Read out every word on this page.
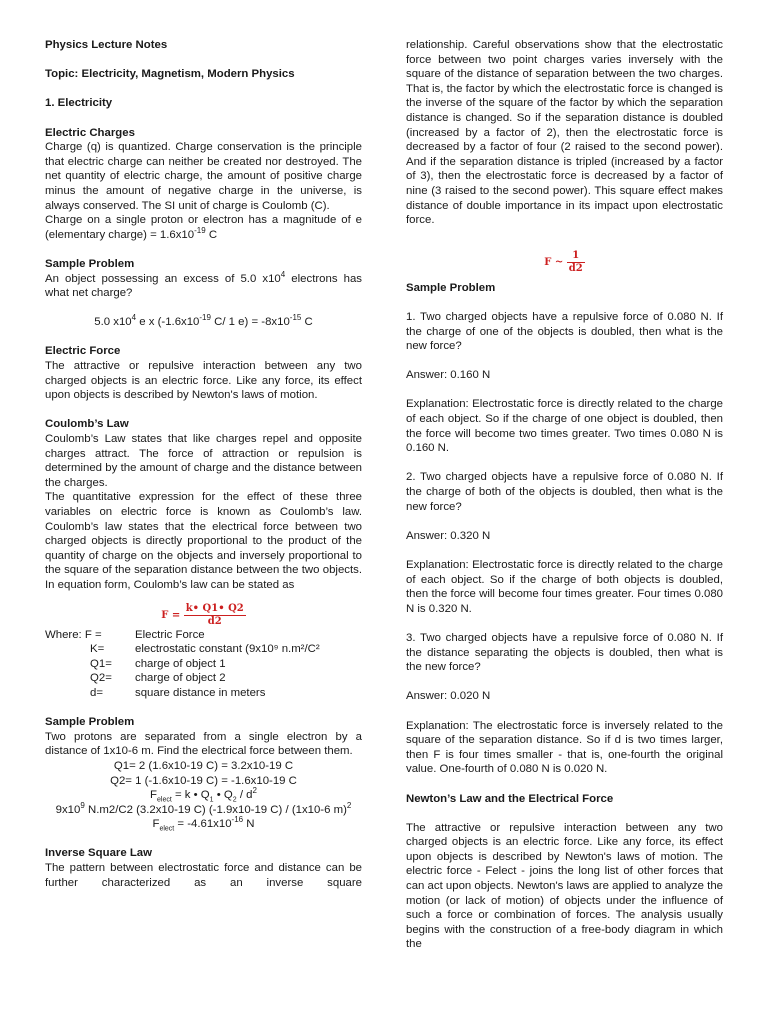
Physics Lecture Notes

Topic: Electricity, Magnetism, Modern Physics

1. Electricity

Electric Charges

Charge (q) is quantized. Charge conservation is the principle that electric charge can neither be created nor destroyed. The net quantity of electric charge, the amount of positive charge minus the amount of negative charge in the universe, is always conserved. The SI unit of charge is Coulomb (C).

Charge on a single proton or electron has a magnitude of e (elementary charge) = $1.6x10^{-19}$ C

Sample Problem

An object possessing an excess of 5.0 $x10^4$ electrons has what net charge?

5.0 $x10^4$ e x ($-1.6x10^{-19}$ C/ 1 $e) = -8x10^{-15}$ C

Electric Force

The attractive or repulsive interaction between any two charged objects is an electric force. Like any force, its effect upon objects is described by Newton's laws of motion.

Coulomb’s Law

Coulomb’s Law states that like charges repel and opposite charges attract. The force of attraction or repulsion is determined by the amount of charge and the distance between the charges.

The quantitative expression for the effect of these three variables on electric force is known as Coulomb’s law. Coulomb’s law states that the electrical force between two charged objects is directly proportional to the product of the quantity of charge on the objects and inversely proportional to the square of the separation distance between the two objects. In equation form, Coulomb’s law can be stated as

$F = \frac{k• Q1• Q2}{d2}$
Where: F =	Electric Force
K=	electrostatic constant (9x10⁹ n.m²/C²
Q1=	charge of object 1
Q2=	charge of object 2
d=	square distance in meters

Sample Problem

Two protons are separated from a single electron by a distance of 1x10-6 m. Find the electrical force between them.

Q1= 2 (1.6x10-19 C) = 3.2x10-19 C

Q2= 1 (-1.6x10-19 C) = -1.6x10-19 C

$F_{elect} = k$ • $Q_1$ • $Q_2 / d^2$

$9x10^9$ N.m2/C2 (3.2x10-19 C) (-1.9x10-19 C) / (1x10-6 m)$^2$

$F_{elect} = -4.61x10^{-16}$ N

Inverse Square Law

The pattern between electrostatic force and distance can be further characterized as an inverse square

relationship. Careful observations show that the electrostatic force between two point charges varies inversely with the square of the distance of separation between the two charges. That is, the factor by which the electrostatic force is changed is the inverse of the square of the factor by which the separation distance is changed. So if the separation distance is doubled (increased by a factor of 2), then the electrostatic force is decreased by a factor of four (2 raised to the second power). And if the separation distance is tripled (increased by a factor of 3), then the electrostatic force is decreased by a factor of nine (3 raised to the second power). This square effect makes distance of double importance in its impact upon electrostatic force.

F ~ $\frac{1}{d2}$

Sample Problem

1. Two charged objects have a repulsive force of 0.080 N. If the charge of one of the objects is doubled, then what is the new force?

Answer: 0.160 N

Explanation: Electrostatic force is directly related to the charge of each object. So if the charge of one object is doubled, then the force will become two times greater. Two times 0.080 N is 0.160 N.

2. Two charged objects have a repulsive force of 0.080 N. If the charge of both of the objects is doubled, then what is the new force?

Answer: 0.320 N

Explanation: Electrostatic force is directly related to the charge of each object. So if the charge of both objects is doubled, then the force will become four times greater. Four times 0.080 N is 0.320 N.

3. Two charged objects have a repulsive force of 0.080 N. If the distance separating the objects is doubled, then what is the new force?

Answer: 0.020 N

Explanation: The electrostatic force is inversely related to the square of the separation distance. So if d is two times larger, then F is four times smaller - that is, one-fourth the original value. One-fourth of 0.080 N is 0.020 N.

Newton’s Law and the Electrical Force

The attractive or repulsive interaction between any two charged objects is an electric force. Like any force, its effect upon objects is described by Newton's laws of motion. The electric force - Felect - joins the long list of other forces that can act upon objects. Newton's laws are applied to analyze the motion (or lack of motion) of objects under the influence of such a force or combination of forces. The analysis usually begins with the construction of a free-body diagram in which the
